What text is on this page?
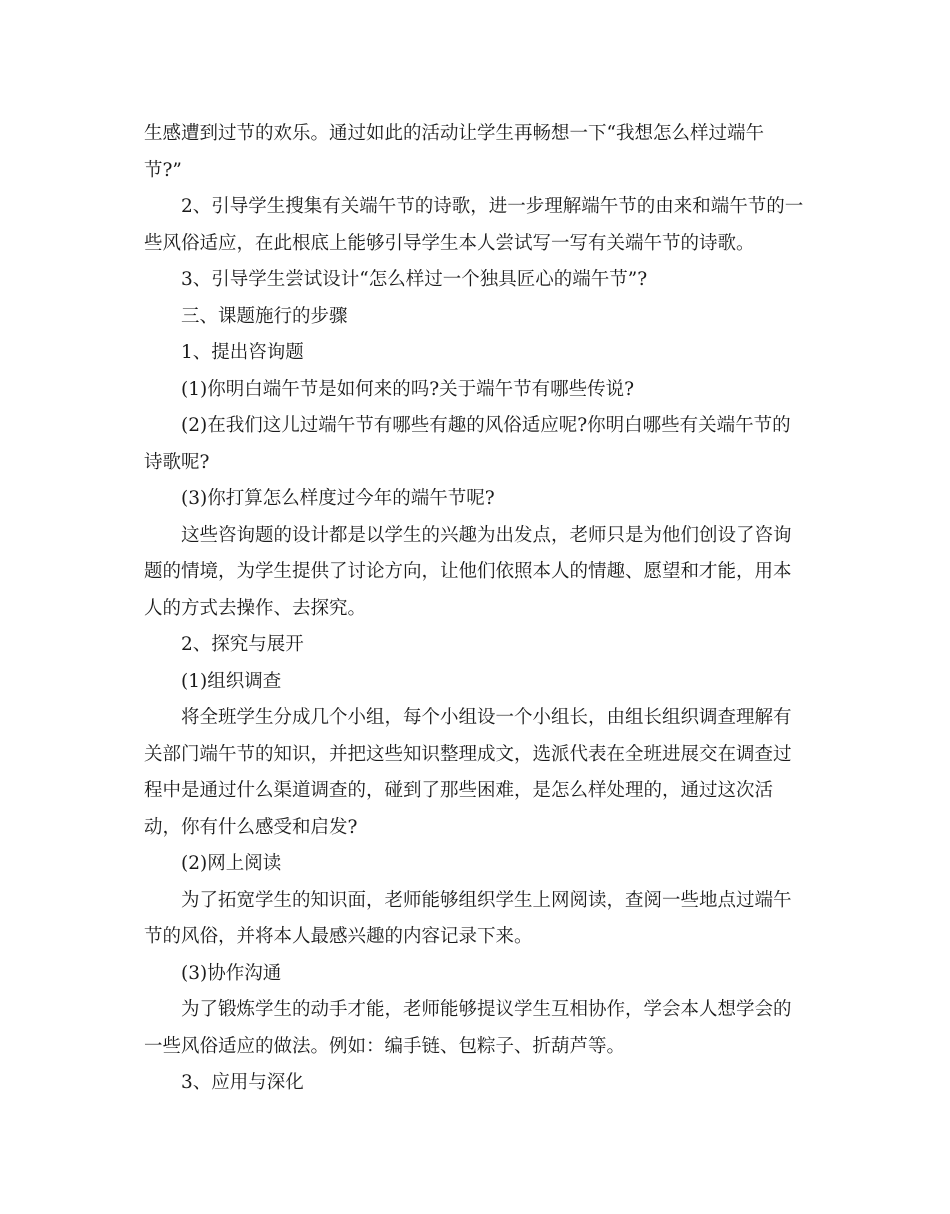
生感遭到过节的欢乐。通过如此的活动让学生再畅想一下“我想怎么样过端午
节?”
2、引导学生搜集有关端午节的诗歌，进一步理解端午节的由来和端午节的一
些风俗适应，在此根底上能够引导学生本人尝试写一写有关端午节的诗歌。
3、引导学生尝试设计“怎么样过一个独具匠心的端午节”?
三、课题施行的步骤
1、提出咨询题
(1)你明白端午节是如何来的吗?关于端午节有哪些传说?
(2)在我们这儿过端午节有哪些有趣的风俗适应呢?你明白哪些有关端午节的
诗歌呢?
(3)你打算怎么样度过今年的端午节呢?
这些咨询题的设计都是以学生的兴趣为出发点，老师只是为他们创设了咨询
题的情境，为学生提供了讨论方向，让他们依照本人的情趣、愿望和才能，用本
人的方式去操作、去探究。
2、探究与展开
(1)组织调查
将全班学生分成几个小组，每个小组设一个小组长，由组长组织调查理解有
关部门端午节的知识，并把这些知识整理成文，选派代表在全班进展交在调查过
程中是通过什么渠道调查的，碰到了那些困难，是怎么样处理的，通过这次活
动，你有什么感受和启发?
(2)网上阅读
为了拓宽学生的知识面，老师能够组织学生上网阅读，查阅一些地点过端午
节的风俗，并将本人最感兴趣的内容记录下来。
(3)协作沟通
为了锻炼学生的动手才能，老师能够提议学生互相协作，学会本人想学会的
一些风俗适应的做法。例如：编手链、包粽子、折葫芦等。
3、应用与深化
